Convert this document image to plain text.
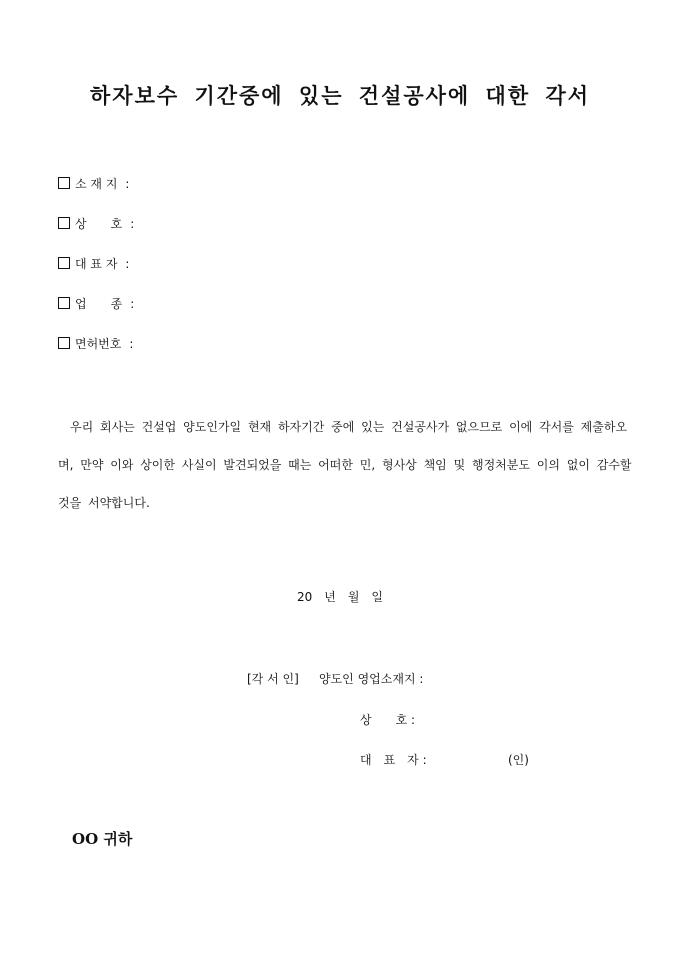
하자보수 기간중에 있는 건설공사에 대한 각서
소 재 지 :
상　　호 :
대 표 자 :
업　　종 :
면허번호 :

우리 회사는 건설업 양도인가일 현재 하자기간 중에 있는 건설공사가 없으므로 이에 각서를 제출하오며, 만약 이와 상이한 사실이 발견되었을 때는 어떠한 민, 형사상 책임 및 행정처분도 이의 없이 감수할 것을 서약합니다.

20　년　월　일
[각 서 인] 양도인 영업소재지 :
상　　호 :
대　표　자 :	(인)
OO 귀하
